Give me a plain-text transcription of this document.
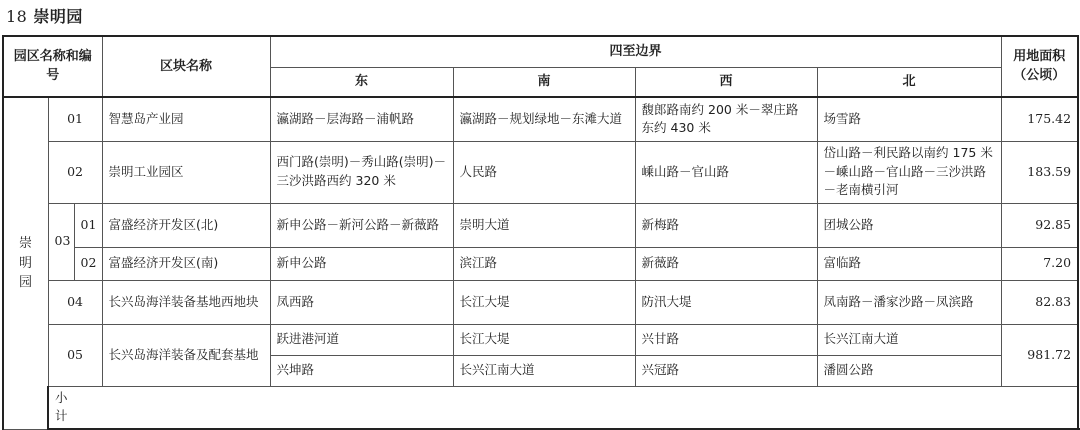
18 崇明园
园区名称和编号			区块名称	四至边界				用地面积（公顷）	
				东	南	西	北		

崇
明
园	01		智慧岛产业园	瀛湖路－层海路－浦帆路	瀛湖路－规划绿地－东滩大道	馥郎路南约 200 米－翠庄路东约 430 米	场雪路	175.42	
	02		崇明工业园区	西门路(崇明)－秀山路(崇明)－三沙洪路西约 320 米	人民路	嵊山路－官山路	岱山路－利民路以南约 175 米－嵊山路－官山路－三沙洪路－老南横引河	183.59	
	03	01	富盛经济开发区(北)	新申公路－新河公路－新薇路	崇明大道	新梅路	团城公路	92.85	
		02	富盛经济开发区(南)	新申公路	滨江路	新薇路	富临路	7.20	
	04		长兴岛海洋装备基地西地块	凤西路	长江大堤	防汛大堤	凤南路－潘家沙路－凤滨路	82.83	
	05		长兴岛海洋装备及配套基地	跃进港河道	长江大堤	兴甘路	长兴江南大道	981.72	
				兴坤路	长兴江南大道	兴冠路	潘圆公路		
	小计		
